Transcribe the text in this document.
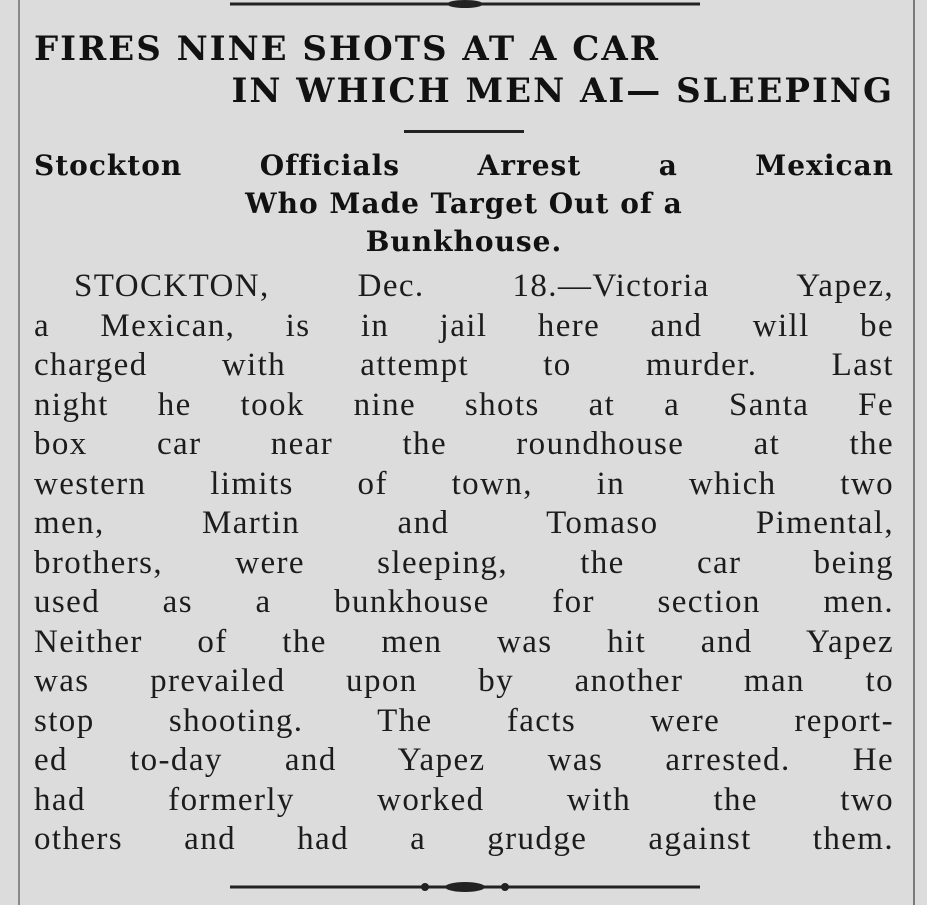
FIRES NINE SHOTS AT A CAR
IN WHICH MEN AI— SLEEPING
Stockton Officials Arrest a Mexican
Who Made Target Out of a
Bunkhouse.
STOCKTON, Dec. 18.—Victoria Yapez,
a Mexican, is in jail here and will be
charged with attempt to murder. Last
night he took nine shots at a Santa Fe
box car near the roundhouse at the
western limits of town, in which two
men, Martin and Tomaso Pimental,
brothers, were sleeping, the car being
used as a bunkhouse for section men.
Neither of the men was hit and Yapez
was prevailed upon by another man to
stop shooting. The facts were report-
ed to-day and Yapez was arrested. He
had formerly worked with the two
others and had a grudge against them.
